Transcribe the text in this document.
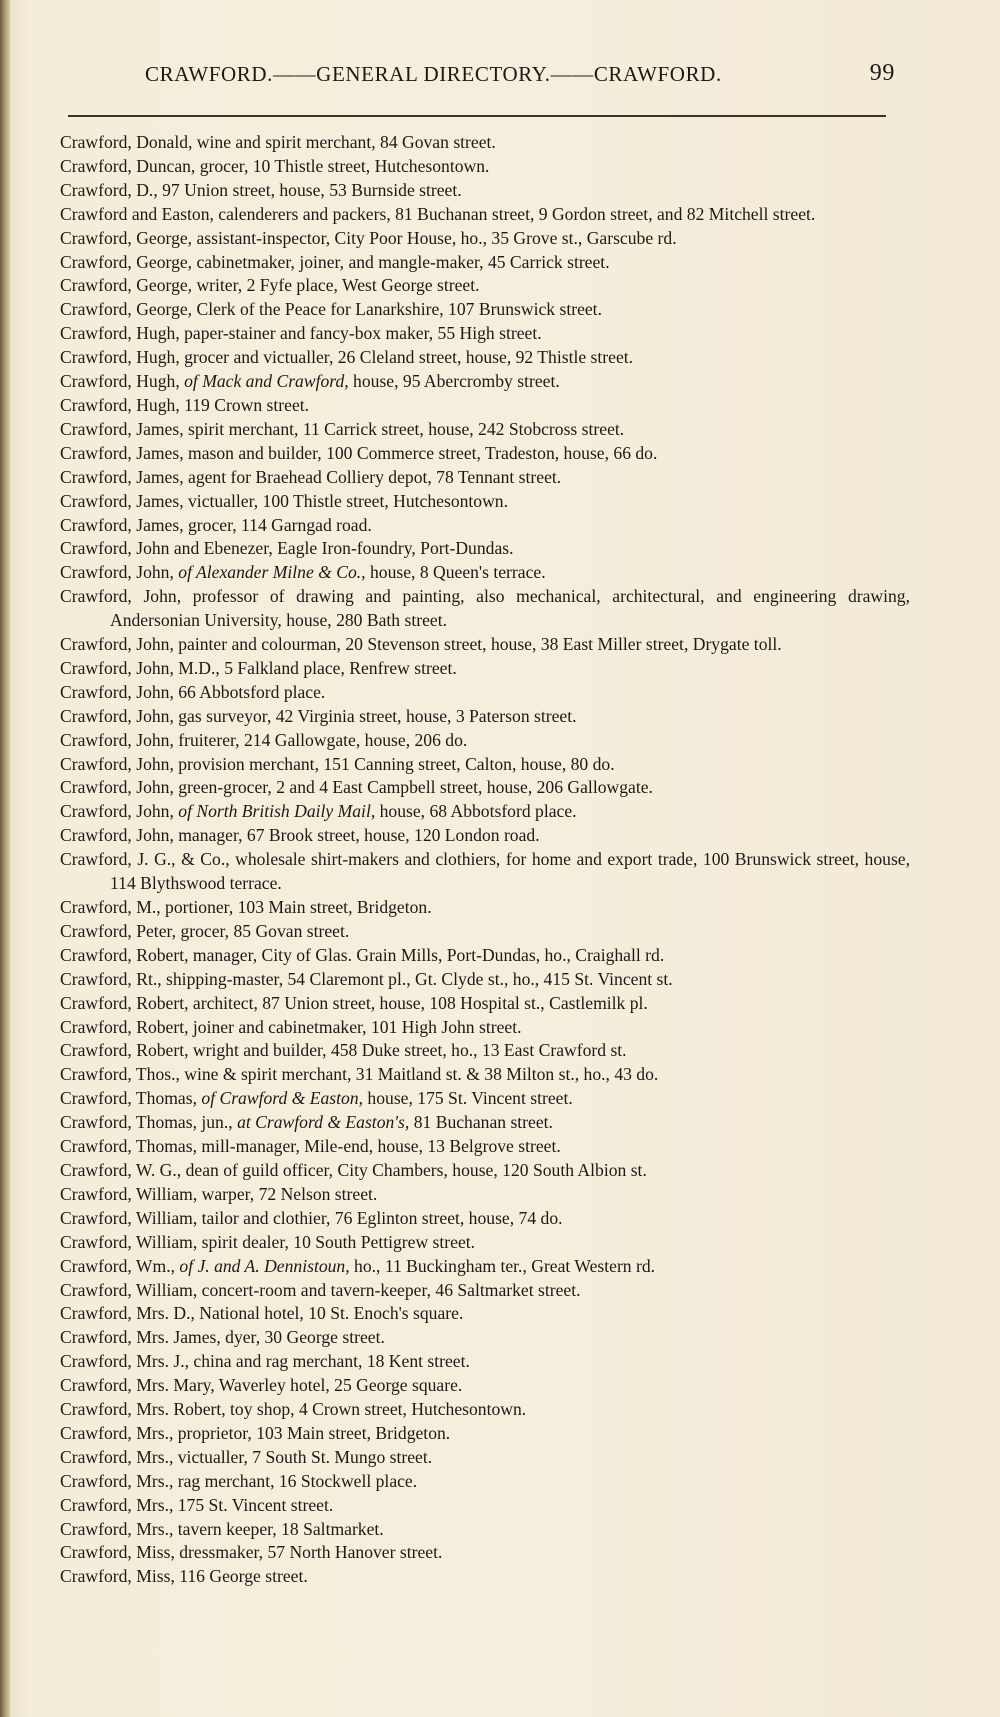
CRAWFORD.——GENERAL DIRECTORY.——CRAWFORD.	99
Crawford, Donald, wine and spirit merchant, 84 Govan street.
Crawford, Duncan, grocer, 10 Thistle street, Hutchesontown.
Crawford, D., 97 Union street, house, 53 Burnside street.
Crawford and Easton, calenderers and packers, 81 Buchanan street, 9 Gordon street, and 82 Mitchell street.
Crawford, George, assistant-inspector, City Poor House, ho., 35 Grove st., Garscube rd.
Crawford, George, cabinetmaker, joiner, and mangle-maker, 45 Carrick street.
Crawford, George, writer, 2 Fyfe place, West George street.
Crawford, George, Clerk of the Peace for Lanarkshire, 107 Brunswick street.
Crawford, Hugh, paper-stainer and fancy-box maker, 55 High street.
Crawford, Hugh, grocer and victualler, 26 Cleland street, house, 92 Thistle street.
Crawford, Hugh, of Mack and Crawford, house, 95 Abercromby street.
Crawford, Hugh, 119 Crown street.
Crawford, James, spirit merchant, 11 Carrick street, house, 242 Stobcross street.
Crawford, James, mason and builder, 100 Commerce street, Tradeston, house, 66 do.
Crawford, James, agent for Braehead Colliery depot, 78 Tennant street.
Crawford, James, victualler, 100 Thistle street, Hutchesontown.
Crawford, James, grocer, 114 Garngad road.
Crawford, John and Ebenezer, Eagle Iron-foundry, Port-Dundas.
Crawford, John, of Alexander Milne & Co., house, 8 Queen's terrace.
Crawford, John, professor of drawing and painting, also mechanical, architectural, and engineering drawing, Andersonian University, house, 280 Bath street.
Crawford, John, painter and colourman, 20 Stevenson street, house, 38 East Miller street, Drygate toll.
Crawford, John, M.D., 5 Falkland place, Renfrew street.
Crawford, John, 66 Abbotsford place.
Crawford, John, gas surveyor, 42 Virginia street, house, 3 Paterson street.
Crawford, John, fruiterer, 214 Gallowgate, house, 206 do.
Crawford, John, provision merchant, 151 Canning street, Calton, house, 80 do.
Crawford, John, green-grocer, 2 and 4 East Campbell street, house, 206 Gallowgate.
Crawford, John, of North British Daily Mail, house, 68 Abbotsford place.
Crawford, John, manager, 67 Brook street, house, 120 London road.
Crawford, J. G., & Co., wholesale shirt-makers and clothiers, for home and export trade, 100 Brunswick street, house, 114 Blythswood terrace.
Crawford, M., portioner, 103 Main street, Bridgeton.
Crawford, Peter, grocer, 85 Govan street.
Crawford, Robert, manager, City of Glas. Grain Mills, Port-Dundas, ho., Craighall rd.
Crawford, Rt., shipping-master, 54 Claremont pl., Gt. Clyde st., ho., 415 St. Vincent st.
Crawford, Robert, architect, 87 Union street, house, 108 Hospital st., Castlemilk pl.
Crawford, Robert, joiner and cabinetmaker, 101 High John street.
Crawford, Robert, wright and builder, 458 Duke street, ho., 13 East Crawford st.
Crawford, Thos., wine & spirit merchant, 31 Maitland st. & 38 Milton st., ho., 43 do.
Crawford, Thomas, of Crawford & Easton, house, 175 St. Vincent street.
Crawford, Thomas, jun., at Crawford & Easton's, 81 Buchanan street.
Crawford, Thomas, mill-manager, Mile-end, house, 13 Belgrove street.
Crawford, W. G., dean of guild officer, City Chambers, house, 120 South Albion st.
Crawford, William, warper, 72 Nelson street.
Crawford, William, tailor and clothier, 76 Eglinton street, house, 74 do.
Crawford, William, spirit dealer, 10 South Pettigrew street.
Crawford, Wm., of J. and A. Dennistoun, ho., 11 Buckingham ter., Great Western rd.
Crawford, William, concert-room and tavern-keeper, 46 Saltmarket street.
Crawford, Mrs. D., National hotel, 10 St. Enoch's square.
Crawford, Mrs. James, dyer, 30 George street.
Crawford, Mrs. J., china and rag merchant, 18 Kent street.
Crawford, Mrs. Mary, Waverley hotel, 25 George square.
Crawford, Mrs. Robert, toy shop, 4 Crown street, Hutchesontown.
Crawford, Mrs., proprietor, 103 Main street, Bridgeton.
Crawford, Mrs., victualler, 7 South St. Mungo street.
Crawford, Mrs., rag merchant, 16 Stockwell place.
Crawford, Mrs., 175 St. Vincent street.
Crawford, Mrs., tavern keeper, 18 Saltmarket.
Crawford, Miss, dressmaker, 57 North Hanover street.
Crawford, Miss, 116 George street.
